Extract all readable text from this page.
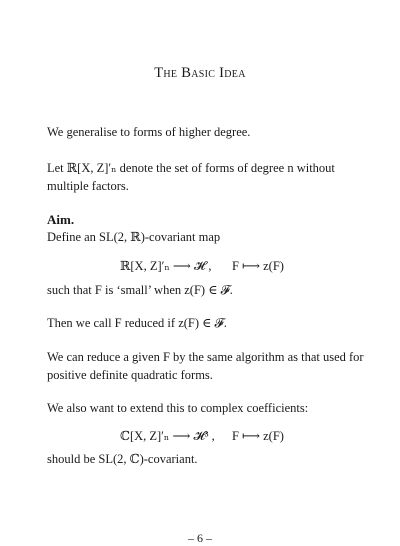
The Basic Idea
We generalise to forms of higher degree.
Let ℝ[X, Z]′ₙ denote the set of forms of degree n without
multiple factors.
Aim.
Define an SL(2, ℝ)-covariant map
ℝ[X, Z]′ₙ ⟶ 𝓗 , F ⟼ z(F)
such that F is ‘small’ when z(F) ∈ 𝓕.
Then we call F reduced if z(F) ∈ 𝓕.
We can reduce a given F by the same algorithm as that used for
positive definite quadratic forms.
We also want to extend this to complex coefficients:
ℂ[X, Z]′ₙ ⟶ 𝓗³ , F ⟼ z(F)
should be SL(2, ℂ)-covariant.
– 6 –
